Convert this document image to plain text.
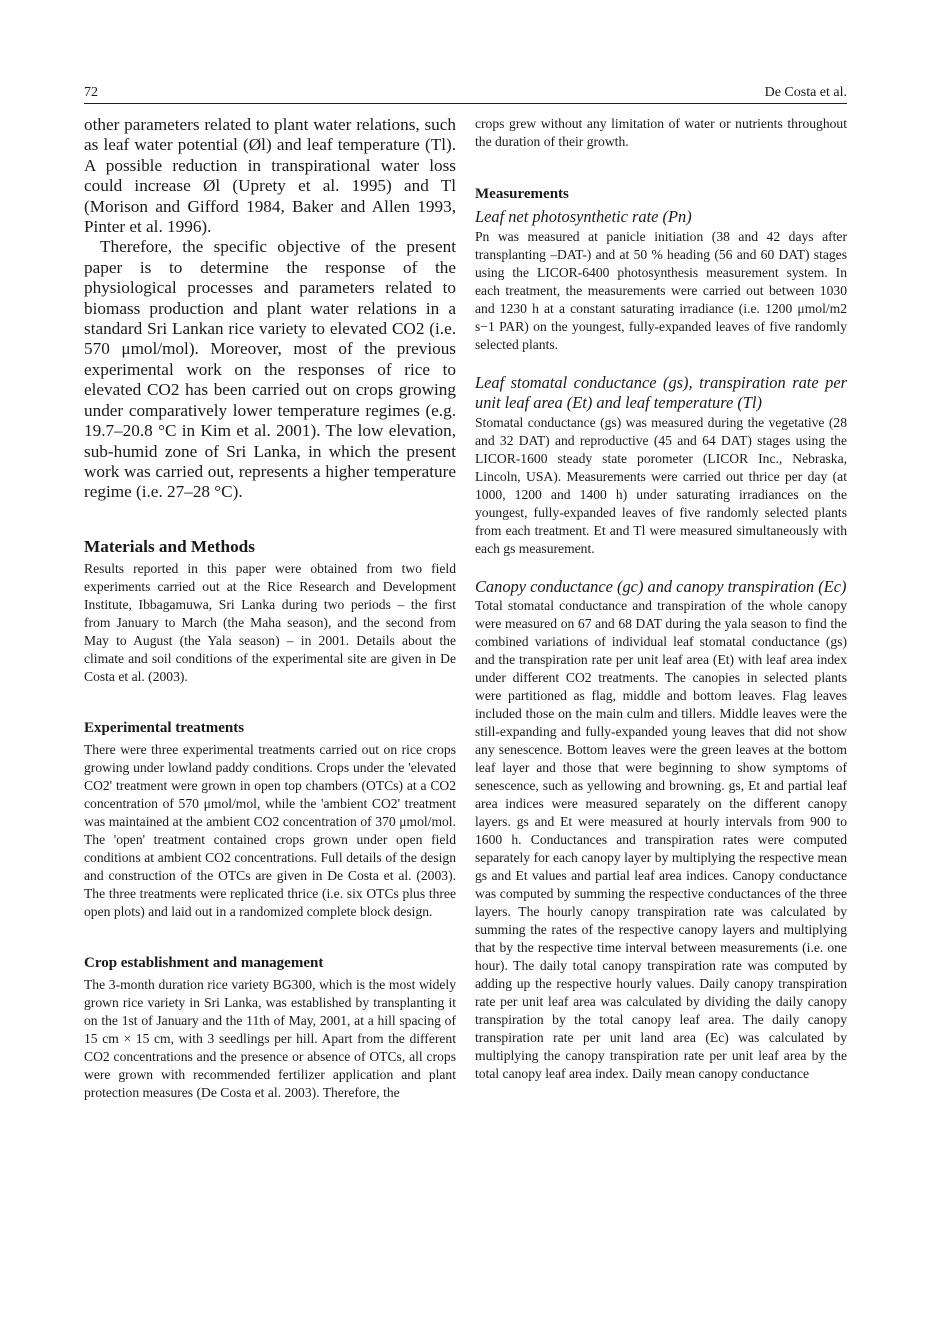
72	De Costa et al.

other parameters related to plant water relations, such as leaf water potential (Øl) and leaf temperature (Tl). A possible reduction in transpirational water loss could increase Øl (Uprety et al. 1995) and Tl (Morison and Gifford 1984, Baker and Allen 1993, Pinter et al. 1996).

Therefore, the specific objective of the present paper is to determine the response of the physiological processes and parameters related to biomass production and plant water relations in a standard Sri Lankan rice variety to elevated CO2 (i.e. 570 μmol/mol). Moreover, most of the previous experimental work on the responses of rice to elevated CO2 has been carried out on crops growing under comparatively lower temperature regimes (e.g. 19.7–20.8 °C in Kim et al. 2001). The low elevation, sub-humid zone of Sri Lanka, in which the present work was carried out, represents a higher temperature regime (i.e. 27–28 °C).

Materials and Methods

Results reported in this paper were obtained from two field experiments carried out at the Rice Research and Development Institute, Ibbagamuwa, Sri Lanka during two periods – the first from January to March (the Maha season), and the second from May to August (the Yala season) – in 2001. Details about the climate and soil conditions of the experimental site are given in De Costa et al. (2003).

Experimental treatments

There were three experimental treatments carried out on rice crops growing under lowland paddy conditions. Crops under the 'elevated CO2' treatment were grown in open top chambers (OTCs) at a CO2 concentration of 570 μmol/mol, while the 'ambient CO2' treatment was maintained at the ambient CO2 concentration of 370 μmol/mol. The 'open' treatment contained crops grown under open field conditions at ambient CO2 concentrations. Full details of the design and construction of the OTCs are given in De Costa et al. (2003). The three treatments were replicated thrice (i.e. six OTCs plus three open plots) and laid out in a randomized complete block design.

Crop establishment and management

The 3-month duration rice variety BG300, which is the most widely grown rice variety in Sri Lanka, was established by transplanting it on the 1st of January and the 11th of May, 2001, at a hill spacing of 15 cm × 15 cm, with 3 seedlings per hill. Apart from the different CO2 concentrations and the presence or absence of OTCs, all crops were grown with recommended fertilizer application and plant protection measures (De Costa et al. 2003). Therefore, the

crops grew without any limitation of water or nutrients throughout the duration of their growth.

Measurements
Leaf net photosynthetic rate (Pn)

Pn was measured at panicle initiation (38 and 42 days after transplanting –DAT-) and at 50 % heading (56 and 60 DAT) stages using the LICOR-6400 photosynthesis measurement system. In each treatment, the measurements were carried out between 1030 and 1230 h at a constant saturating irradiance (i.e. 1200 μmol/m2 s−1 PAR) on the youngest, fully-expanded leaves of five randomly selected plants.

Leaf stomatal conductance (gs), transpiration rate per unit leaf area (Et) and leaf temperature (Tl)

Stomatal conductance (gs) was measured during the vegetative (28 and 32 DAT) and reproductive (45 and 64 DAT) stages using the LICOR-1600 steady state porometer (LICOR Inc., Nebraska, Lincoln, USA). Measurements were carried out thrice per day (at 1000, 1200 and 1400 h) under saturating irradiances on the youngest, fully-expanded leaves of five randomly selected plants from each treatment. Et and Tl were measured simultaneously with each gs measurement.

Canopy conductance (gc) and canopy transpiration (Ec)

Total stomatal conductance and transpiration of the whole canopy were measured on 67 and 68 DAT during the yala season to find the combined variations of individual leaf stomatal conductance (gs) and the transpiration rate per unit leaf area (Et) with leaf area index under different CO2 treatments. The canopies in selected plants were partitioned as flag, middle and bottom leaves. Flag leaves included those on the main culm and tillers. Middle leaves were the still-expanding and fully-expanded young leaves that did not show any senescence. Bottom leaves were the green leaves at the bottom leaf layer and those that were beginning to show symptoms of senescence, such as yellowing and browning. gs, Et and partial leaf area indices were measured separately on the different canopy layers. gs and Et were measured at hourly intervals from 900 to 1600 h. Conductances and transpiration rates were computed separately for each canopy layer by multiplying the respective mean gs and Et values and partial leaf area indices. Canopy conductance was computed by summing the respective conductances of the three layers. The hourly canopy transpiration rate was calculated by summing the rates of the respective canopy layers and multiplying that by the respective time interval between measurements (i.e. one hour). The daily total canopy transpiration rate was computed by adding up the respective hourly values. Daily canopy transpiration rate per unit leaf area was calculated by dividing the daily canopy transpiration by the total canopy leaf area. The daily canopy transpiration rate per unit land area (Ec) was calculated by multiplying the canopy transpiration rate per unit leaf area by the total canopy leaf area index. Daily mean canopy conductance
